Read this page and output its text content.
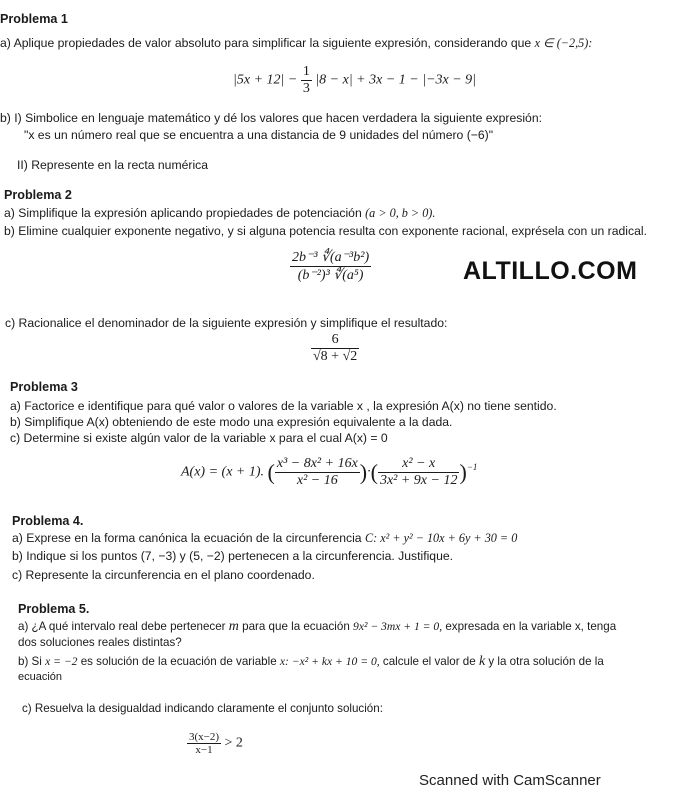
Problema 1
a) Aplique propiedades de valor absoluto para simplificar la siguiente expresión, considerando que x ∈ (−2,5):
$|5x + 12| - \frac{1}{3} |8 - x| + 3x - 1 - |-3x - 9|$
b) I) Simbolice en lenguaje matemático y dé los valores que hacen verdadera la siguiente expresión:
"x es un número real que se encuentra a una distancia de 9 unidades del número (−6)"
II) Represente en la recta numérica
Problema 2
a) Simplifique la expresión aplicando propiedades de potenciación (a > 0, b > 0).
b) Elimine cualquier exponente negativo, y si alguna potencia resulta con exponente racional, exprésela con un radical.
$\frac{\text{2b⁻³ ∜(a⁻³b²)}}{\text{(b⁻²)³ ∜(a⁵)}}$	ALTILLO.COM
c) Racionalice el denominador de la siguiente expresión y simplifique el resultado:
$\frac{6}{√8 + √2}$
Problema 3
a) Factorice e identifique para qué valor o valores de la variable x , la expresión A(x) no tiene sentido.
b) Simplifique A(x) obteniendo de este modo una expresión equivalente a la dada.
c) Determine si existe algún valor de la variable x para el cual A(x) = 0
A(x) = (x + 1). ( $\frac{\text{x³ − 8x² + 16x}}{\text{x² − 16}}$ )·( $\frac{\text{x² − x}}{\text{3x² + 9x − 12}} )^{-1}$
Problema 4.
a) Exprese en la forma canónica la ecuación de la circunferencia C: x² + y² − 10x + 6y + 30 = 0
b) Indique si los puntos (7, −3) y (5, −2) pertenecen a la circunferencia. Justifique.
c) Represente la circunferencia en el plano coordenado.
Problema 5.
a) ¿A qué intervalo real debe pertenecer m para que la ecuación 9x² − 3mx + 1 = 0, expresada en la variable x, tenga
dos soluciones reales distintas?
b) Si x = −2 es solución de la ecuación de variable x: −x² + kx + 10 = 0, calcule el valor de k y la otra solución de la
ecuación
c) Resuelva la desigualdad indicando claramente el conjunto solución:
$\frac{3(x-2)}{x-1} > 2$
Scanned with CamScanner
